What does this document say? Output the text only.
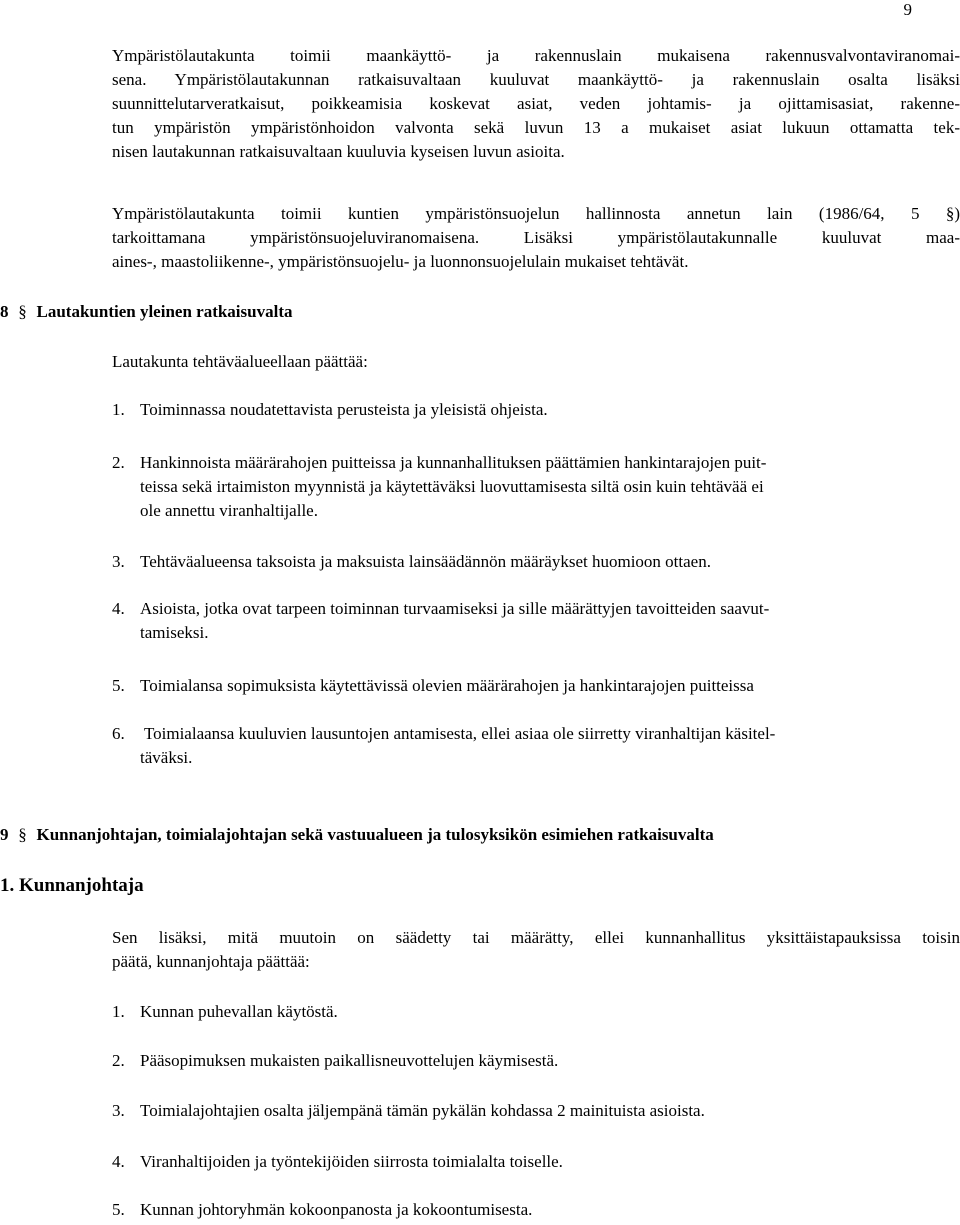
9
Ympäristölautakunta toimii maankäyttö- ja rakennuslain mukaisena rakennusvalvontaviranomai-
sena. Ympäristölautakunnan ratkaisuvaltaan kuuluvat maankäyttö- ja rakennuslain osalta lisäksi
suunnittelutarveratkaisut, poikkeamisia koskevat asiat, veden johtamis- ja ojittamisasiat, rakenne-
tun ympäristön ympäristönhoidon valvonta sekä luvun 13 a mukaiset asiat lukuun ottamatta tek-
nisen lautakunnan ratkaisuvaltaan kuuluvia kyseisen luvun asioita.
Ympäristölautakunta toimii kuntien ympäristönsuojelun hallinnosta annetun lain (1986/64, 5 §)
tarkoittamana ympäristönsuojeluviranomaisena. Lisäksi ympäristölautakunnalle kuuluvat maa-
aines-, maastoliikenne-, ympäristönsuojelu- ja luonnonsuojelulain mukaiset tehtävät.
8 § Lautakuntien yleinen ratkaisuvalta
Lautakunta tehtäväalueellaan päättää:
1. Toiminnassa noudatettavista perusteista ja yleisistä ohjeista.
2. Hankinnoista määrärahojen puitteissa ja kunnanhallituksen päättämien hankintarajojen puit-
teissa sekä irtaimiston myynnistä ja käytettäväksi luovuttamisesta siltä osin kuin tehtävää ei
ole annettu viranhaltijalle.
3. Tehtäväalueensa taksoista ja maksuista lainsäädännön määräykset huomioon ottaen.
4. Asioista, jotka ovat tarpeen toiminnan turvaamiseksi ja sille määrättyjen tavoitteiden saavut-
tamiseksi.
5. Toimialansa sopimuksista käytettävissä olevien määrärahojen ja hankintarajojen puitteissa
6. Toimialaansa kuuluvien lausuntojen antamisesta, ellei asiaa ole siirretty viranhaltijan käsitel-
täväksi.
9 § Kunnanjohtajan, toimialajohtajan sekä vastuualueen ja tulosyksikön esimiehen ratkaisuvalta
1. Kunnanjohtaja
Sen lisäksi, mitä muutoin on säädetty tai määrätty, ellei kunnanhallitus yksittäistapauksissa toisin
päätä, kunnanjohtaja päättää:
1. Kunnan puhevallan käytöstä.
2. Pääsopimuksen mukaisten paikallisneuvottelujen käymisestä.
3. Toimialajohtajien osalta jäljempänä tämän pykälän kohdassa 2 mainituista asioista.
4. Viranhaltijoiden ja työntekijöiden siirrosta toimialalta toiselle.
5. Kunnan johtoryhmän kokoonpanosta ja kokoontumisesta.
